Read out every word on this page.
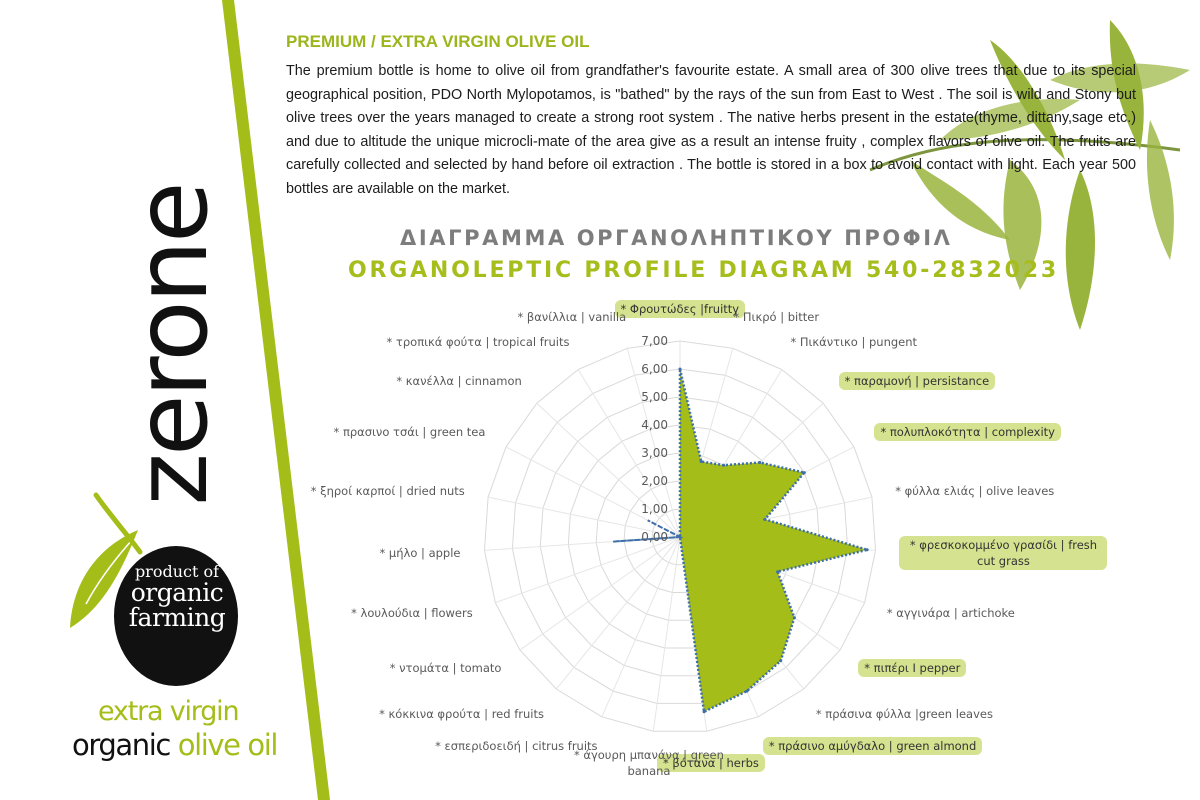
zerone
product of
organic
farming
extra virgin
organic olive oil
PREMIUM / EXTRA VIRGIN OLIVE OIL
The premium bottle is home to olive oil from grandfather's favourite estate. A small area of 300 olive trees that due to its special geographical position, PDO North Mylopotamos, is "bathed" by the rays of the sun from East to West . The soil is wild and Stony but olive trees over the years managed to create a strong root system . The native herbs present in the estate(thyme, dittany,sage etc.) and due to altitude the unique microcli-mate of the area give as a result an intense fruity , complex flavors of olive oil. The fruits are carefully collected and selected by hand before oil extraction . The bottle is stored in a box to avoid contact with light. Each year 500 bottles are available on the market.
ΔΙΑΓΡΑΜΜΑ ΟΡΓΑΝΟΛΗΠΤΙΚΟΥ ΠΡΟΦΙΛ
ORGANOLEPTIC PROFILE DIAGRAM 540-2832023
0,00
1,00
2,00
3,00
4,00
5,00
6,00
7,00
* Φρουτώδες |fruitty
* Πικρό | bitter
* Πικάντικο | pungent
* παραμονή | persistance
* πολυπλοκότητα | complexity
* φύλλα ελιάς | olive leaves
* φρεσκοκομμένο γρασίδι | fresh cut grass
* αγγινάρα | artichoke
* πιπέρι I pepper
* πράσινα φύλλα |green leaves
* πράσινο αμύγδαλο | green almond
* βότανα | herbs
* άγουρη μπανάνα | green banana
* εσπεριδοειδή | citrus fruits
* κόκκινα φρούτα | red fruits
* ντομάτα | tomato
* λουλούδια | flowers
* μήλο | apple
* ξηροί καρποί | dried nuts
* πρασινο τσάι | green tea
* κανέλλα | cinnamon
* τροπικά φούτα | tropical fruits
* βανίλλια | vanilla
